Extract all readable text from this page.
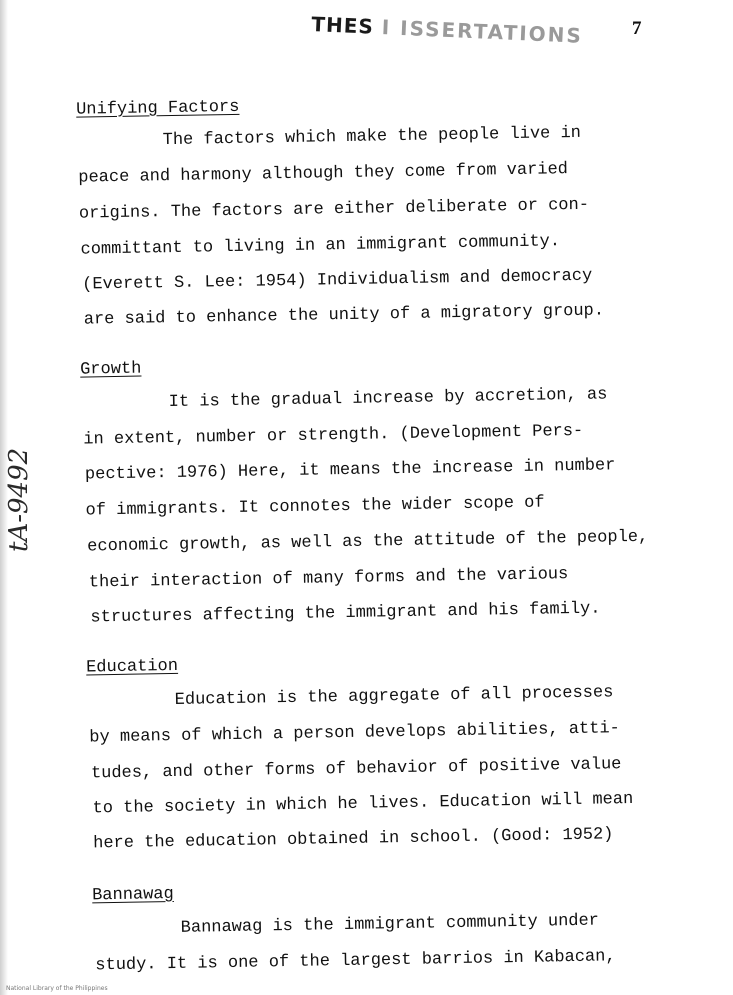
THES I ISSERTATIONS	7
tA-9492
Unifying Factors
The factors which make the people live in
peace and harmony although they come from varied
origins. The factors are either deliberate or con-
committant to living in an immigrant community.
(Everett S. Lee: 1954) Individualism and democracy
are said to enhance the unity of a migratory group.
Growth
It is the gradual increase by accretion, as
in extent, number or strength. (Development Pers-
pective: 1976) Here, it means the increase in number
of immigrants. It connotes the wider scope of
economic growth, as well as the attitude of the people,
their interaction of many forms and the various
structures affecting the immigrant and his family.
Education
Education is the aggregate of all processes
by means of which a person develops abilities, atti-
tudes, and other forms of behavior of positive value
to the society in which he lives. Education will mean
here the education obtained in school. (Good: 1952)
Bannawag
Bannawag is the immigrant community under
study. It is one of the largest barrios in Kabacan,
National Library of the Philippines
